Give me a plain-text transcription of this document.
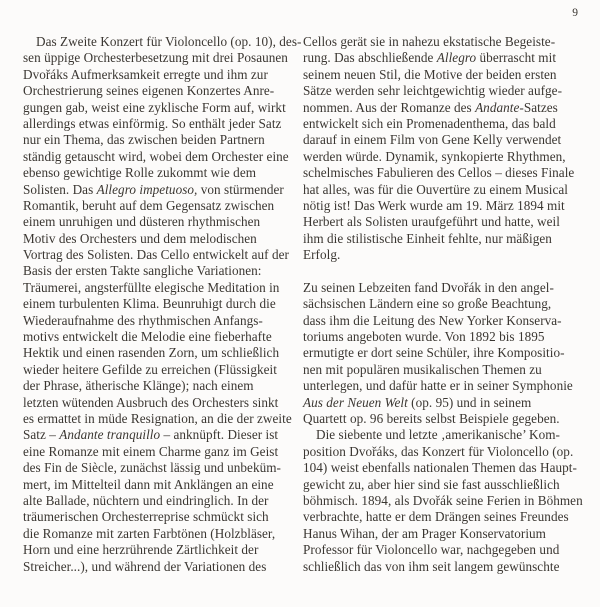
9
Das Zweite Konzert für Violoncello (op. 10), des-
sen üppige Orchesterbesetzung mit drei Posaunen
Dvořáks Aufmerksamkeit erregte und ihm zur
Orchestrierung seines eigenen Konzertes Anre-
gungen gab, weist eine zyklische Form auf, wirkt
allerdings etwas einförmig. So enthält jeder Satz
nur ein Thema, das zwischen beiden Partnern
ständig getauscht wird, wobei dem Orchester eine
ebenso gewichtige Rolle zukommt wie dem
Solisten. Das Allegro impetuoso, von stürmender
Romantik, beruht auf dem Gegensatz zwischen
einem unruhigen und düsteren rhythmischen
Motiv des Orchesters und dem melodischen
Vortrag des Solisten. Das Cello entwickelt auf der
Basis der ersten Takte sangliche Variationen:
Träumerei, angsterfüllte elegische Meditation in
einem turbulenten Klima. Beunruhigt durch die
Wiederaufnahme des rhythmischen Anfangs-
motivs entwickelt die Melodie eine fieberhafte
Hektik und einen rasenden Zorn, um schließlich
wieder heitere Gefilde zu erreichen (Flüssigkeit
der Phrase, ätherische Klänge); nach einem
letzten wütenden Ausbruch des Orchesters sinkt
es ermattet in müde Resignation, an die der zweite
Satz – Andante tranquillo – anknüpft. Dieser ist
eine Romanze mit einem Charme ganz im Geist
des Fin de Siècle, zunächst lässig und unbeküm-
mert, im Mittelteil dann mit Anklängen an eine
alte Ballade, nüchtern und eindringlich. In der
träumerischen Orchesterreprise schmückt sich
die Romanze mit zarten Farbtönen (Holzbläser,
Horn und eine herzrührende Zärtlichkeit der
Streicher...), und während der Variationen des
Cellos gerät sie in nahezu ekstatische Begeiste-
rung. Das abschließende Allegro überrascht mit
seinem neuen Stil, die Motive der beiden ersten
Sätze werden sehr leichtgewichtig wieder aufge-
nommen. Aus der Romanze des Andante-Satzes
entwickelt sich ein Promenadenthema, das bald
darauf in einem Film von Gene Kelly verwendet
werden würde. Dynamik, synkopierte Rhythmen,
schelmisches Fabulieren des Cellos – dieses Finale
hat alles, was für die Ouvertüre zu einem Musical
nötig ist! Das Werk wurde am 19. März 1894 mit
Herbert als Solisten uraufgeführt und hatte, weil
ihm die stilistische Einheit fehlte, nur mäßigen
Erfolg.

Zu seinen Lebzeiten fand Dvořák in den angel-
sächsischen Ländern eine so große Beachtung,
dass ihm die Leitung des New Yorker Konserva-
toriums angeboten wurde. Von 1892 bis 1895
ermutigte er dort seine Schüler, ihre Kompositio-
nen mit populären musikalischen Themen zu
unterlegen, und dafür hatte er in seiner Symphonie
Aus der Neuen Welt (op. 95) und in seinem
Quartett op. 96 bereits selbst Beispiele gegeben.
Die siebente und letzte ‚amerikanische’ Kom-
position Dvořáks, das Konzert für Violoncello (op.
104) weist ebenfalls nationalen Themen das Haupt-
gewicht zu, aber hier sind sie fast ausschließlich
böhmisch. 1894, als Dvořák seine Ferien in Böhmen
verbrachte, hatte er dem Drängen seines Freundes
Hanus Wihan, der am Prager Konservatorium
Professor für Violoncello war, nachgegeben und
schließlich das von ihm seit langem gewünschte
